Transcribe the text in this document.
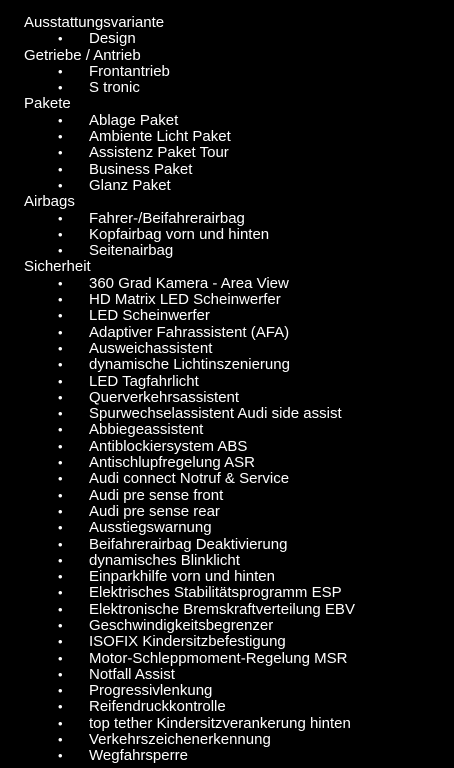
Ausstattungsvariante
• Design
Getriebe / Antrieb
• Frontantrieb
• S tronic
Pakete
• Ablage Paket
• Ambiente Licht Paket
• Assistenz Paket Tour
• Business Paket
• Glanz Paket
Airbags
• Fahrer-/Beifahrerairbag
• Kopfairbag vorn und hinten
• Seitenairbag
Sicherheit
• 360 Grad Kamera - Area View
• HD Matrix LED Scheinwerfer
• LED Scheinwerfer
• Adaptiver Fahrassistent (AFA)
• Ausweichassistent
• dynamische Lichtinszenierung
• LED Tagfahrlicht
• Querverkehrsassistent
• Spurwechselassistent Audi side assist
• Abbiegeassistent
• Antiblockiersystem ABS
• Antischlupfregelung ASR
• Audi connect Notruf & Service
• Audi pre sense front
• Audi pre sense rear
• Ausstiegswarnung
• Beifahrerairbag Deaktivierung
• dynamisches Blinklicht
• Einparkhilfe vorn und hinten
• Elektrisches Stabilitätsprogramm ESP
• Elektronische Bremskraftverteilung EBV
• Geschwindigkeitsbegrenzer
• ISOFIX Kindersitzbefestigung
• Motor-Schleppmoment-Regelung MSR
• Notfall Assist
• Progressivlenkung
• Reifendruckkontrolle
• top tether Kindersitzverankerung hinten
• Verkehrszeichenerkennung
• Wegfahrsperre
